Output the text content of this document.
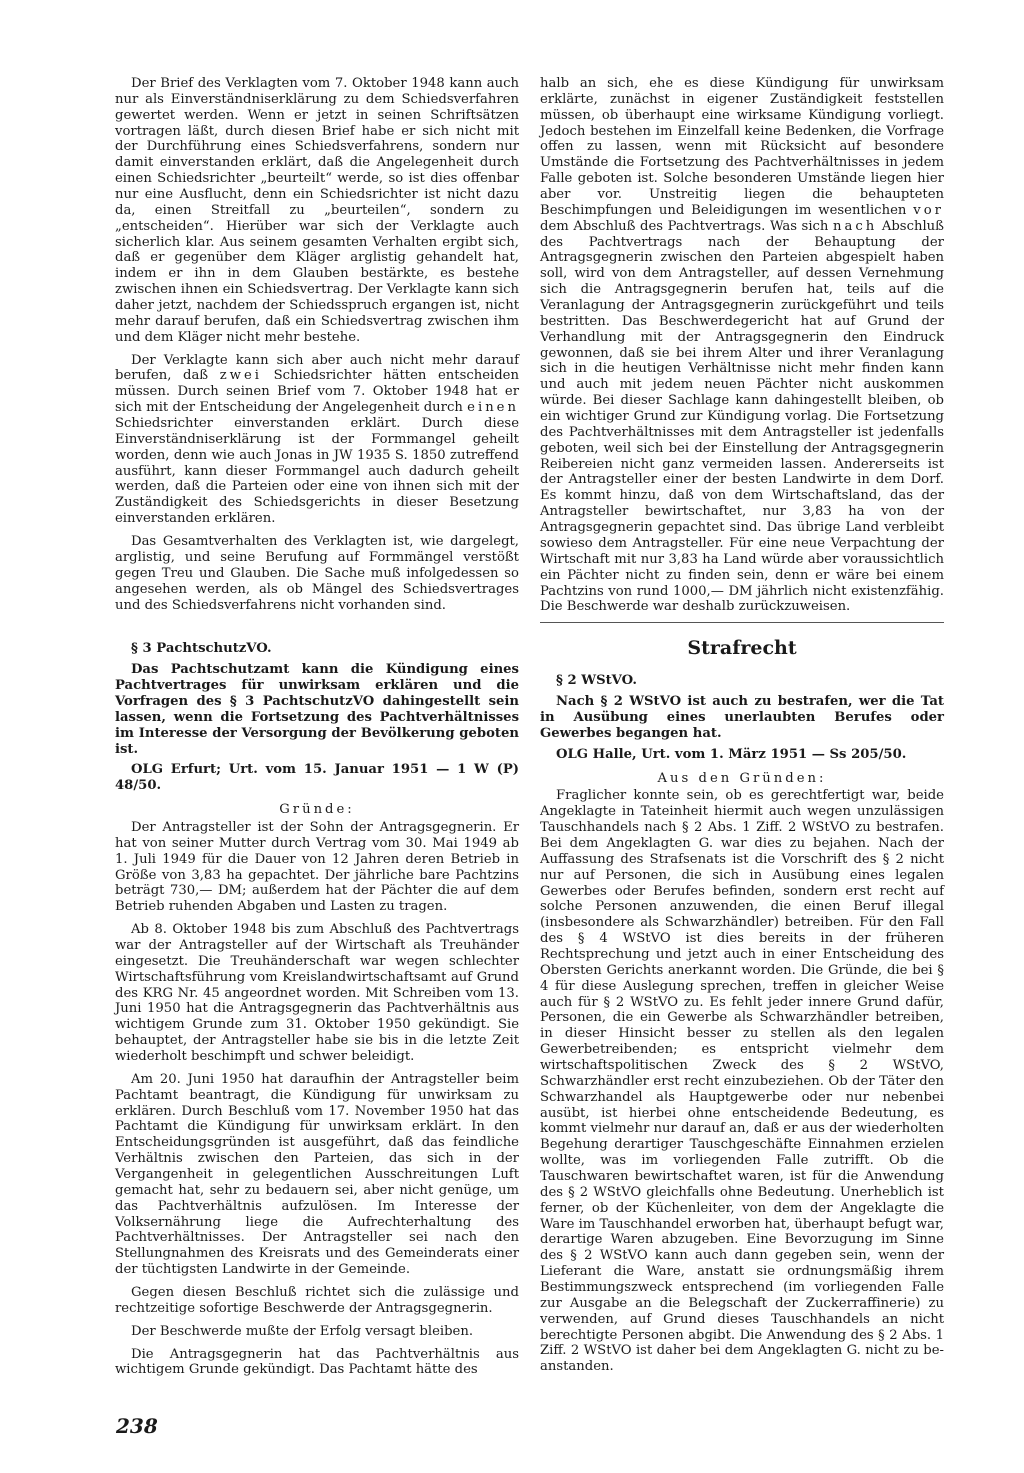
Der Brief des Verklagten vom 7. Oktober 1948 kann auch nur als Einverständniserklärung zu dem Schiedsverfahren gewertet werden. Wenn er jetzt in seinen Schriftsätzen vortragen läßt, durch diesen Brief habe er sich nicht mit der Durchführung eines Schiedsverfahrens, sondern nur damit einverstanden erklärt, daß die Angelegenheit durch einen Schiedsrichter „beurteilt“ werde, so ist dies offenbar nur eine Ausflucht, denn ein Schiedsrichter ist nicht dazu da, einen Streitfall zu „beurteilen“, sondern zu „entscheiden“. Hierüber war sich der Verklagte auch sicherlich klar. Aus seinem gesamten Verhalten ergibt sich, daß er gegenüber dem Kläger arglistig gehandelt hat, indem er ihn in dem Glauben bestärkte, es bestehe zwischen ihnen ein Schiedsvertrag. Der Verklagte kann sich daher jetzt, nachdem der Schiedsspruch ergangen ist, nicht mehr darauf berufen, daß ein Schiedsvertrag zwischen ihm und dem Kläger nicht mehr bestehe.

Der Verklagte kann sich aber auch nicht mehr darauf berufen, daß zwei Schiedsrichter hätten entscheiden müssen. Durch seinen Brief vom 7. Oktober 1948 hat er sich mit der Entscheidung der Angelegenheit durch einen Schiedsrichter einverstanden erklärt. Durch diese Einverständniserklärung ist der Formmangel geheilt worden, denn wie auch Jonas in JW 1935 S. 1850 zutreffend ausführt, kann dieser Formmangel auch dadurch geheilt werden, daß die Parteien oder eine von ihnen sich mit der Zuständigkeit des Schiedsgerichts in dieser Besetzung einverstanden erklären.

Das Gesamtverhalten des Verklagten ist, wie dargelegt, arglistig, und seine Berufung auf Formmängel verstößt gegen Treu und Glauben. Die Sache muß infolgedessen so angesehen werden, als ob Mängel des Schiedsvertrages und des Schiedsverfahrens nicht vorhanden sind.

§ 3 PachtschutzVO.
Das Pachtschutzamt kann die Kündigung eines Pachtvertrages für unwirksam erklären und die Vorfragen des § 3 PachtschutzVO dahingestellt sein lassen, wenn die Fortsetzung des Pachtverhältnisses im Interesse der Versorgung der Bevölkerung geboten ist.
OLG Erfurt; Urt. vom 15. Januar 1951 — 1 W (P) 48/50.
Gründe:

Der Antragsteller ist der Sohn der Antragsgegnerin. Er hat von seiner Mutter durch Vertrag vom 30. Mai 1949 ab 1. Juli 1949 für die Dauer von 12 Jahren deren Betrieb in Größe von 3,83 ha gepachtet. Der jährliche bare Pachtzins beträgt 730,— DM; außerdem hat der Pächter die auf dem Betrieb ruhenden Abgaben und Lasten zu tragen.

Ab 8. Oktober 1948 bis zum Abschluß des Pachtvertrags war der Antragsteller auf der Wirtschaft als Treuhänder eingesetzt. Die Treuhänderschaft war wegen schlechter Wirtschaftsführung vom Kreislandwirtschaftsamt auf Grund des KRG Nr. 45 angeordnet worden. Mit Schreiben vom 13. Juni 1950 hat die Antragsgegnerin das Pachtverhältnis aus wichtigem Grunde zum 31. Oktober 1950 gekündigt. Sie behauptet, der Antragsteller habe sie bis in die letzte Zeit wiederholt beschimpft und schwer beleidigt.

Am 20. Juni 1950 hat daraufhin der Antragsteller beim Pachtamt beantragt, die Kündigung für unwirksam zu erklären. Durch Beschluß vom 17. November 1950 hat das Pachtamt die Kündigung für unwirksam erklärt. In den Entscheidungsgründen ist ausgeführt, daß das feindliche Verhältnis zwischen den Parteien, das sich in der Vergangenheit in gelegentlichen Ausschreitungen Luft gemacht hat, sehr zu bedauern sei, aber nicht genüge, um das Pachtverhältnis aufzulösen. Im Interesse der Volksernährung liege die Aufrechterhaltung des Pachtverhältnisses. Der Antragsteller sei nach den Stellungnahmen des Kreisrats und des Gemeinderats einer der tüchtigsten Landwirte in der Gemeinde.

Gegen diesen Beschluß richtet sich die zulässige und rechtzeitige sofortige Beschwerde der Antragsgegnerin.

Der Beschwerde mußte der Erfolg versagt bleiben.

Die Antragsgegnerin hat das Pachtverhältnis aus wichtigem Grunde gekündigt. Das Pachtamt hätte des

halb an sich, ehe es diese Kündigung für unwirksam erklärte, zunächst in eigener Zuständigkeit feststellen müssen, ob überhaupt eine wirksame Kündigung vorliegt. Jedoch bestehen im Einzelfall keine Bedenken, die Vorfrage offen zu lassen, wenn mit Rücksicht auf besondere Umstände die Fortsetzung des Pachtverhältnisses in jedem Falle geboten ist. Solche besonderen Umstände liegen hier aber vor. Unstreitig liegen die behaupteten Beschimpfungen und Beleidigungen im wesentlichen vor dem Abschluß des Pachtvertrags. Was sich nach Abschluß des Pachtvertrags nach der Behauptung der Antragsgegnerin zwischen den Parteien abgespielt haben soll, wird von dem Antragsteller, auf dessen Vernehmung sich die Antragsgegnerin berufen hat, teils auf die Veranlagung der Antragsgegnerin zurückgeführt und teils bestritten. Das Beschwerdegericht hat auf Grund der Verhandlung mit der Antragsgegnerin den Eindruck gewonnen, daß sie bei ihrem Alter und ihrer Veranlagung sich in die heutigen Verhältnisse nicht mehr finden kann und auch mit jedem neuen Pächter nicht auskommen würde. Bei dieser Sachlage kann dahingestellt bleiben, ob ein wichtiger Grund zur Kündigung vorlag. Die Fortsetzung des Pachtverhältnisses mit dem Antragsteller ist jedenfalls geboten, weil sich bei der Einstellung der Antragsgegnerin Reibereien nicht ganz vermeiden lassen. Andererseits ist der Antragsteller einer der besten Landwirte in dem Dorf. Es kommt hinzu, daß von dem Wirtschaftsland, das der Antragsteller bewirtschaftet, nur 3,83 ha von der Antragsgegnerin gepachtet sind. Das übrige Land verbleibt sowieso dem Antragsteller. Für eine neue Verpachtung der Wirtschaft mit nur 3,83 ha Land würde aber voraussichtlich ein Pächter nicht zu finden sein, denn er wäre bei einem Pachtzins von rund 1000,— DM jährlich nicht existenzfähig. Die Beschwerde war deshalb zurückzuweisen.

Strafrecht
§ 2 WStVO.
Nach § 2 WStVO ist auch zu bestrafen, wer die Tat in Ausübung eines unerlaubten Berufes oder Gewerbes begangen hat.
OLG Halle, Urt. vom 1. März 1951 — Ss 205/50.
Aus den Gründen:

Fraglicher konnte sein, ob es gerechtfertigt war, beide Angeklagte in Tateinheit hiermit auch wegen unzulässigen Tauschhandels nach § 2 Abs. 1 Ziff. 2 WStVO zu bestrafen. Bei dem Angeklagten G. war dies zu bejahen. Nach der Auffassung des Strafsenats ist die Vorschrift des § 2 nicht nur auf Personen, die sich in Ausübung eines legalen Gewerbes oder Berufes befinden, sondern erst recht auf solche Personen anzuwenden, die einen Beruf illegal (insbesondere als Schwarzhändler) betreiben. Für den Fall des § 4 WStVO ist dies bereits in der früheren Rechtsprechung und jetzt auch in einer Entscheidung des Obersten Gerichts anerkannt worden. Die Gründe, die bei § 4 für diese Auslegung sprechen, treffen in gleicher Weise auch für § 2 WStVO zu. Es fehlt jeder innere Grund dafür, Personen, die ein Gewerbe als Schwarzhändler betreiben, in dieser Hinsicht besser zu stellen als den legalen Gewerbetreibenden; es entspricht vielmehr dem wirtschaftspolitischen Zweck des § 2 WStVO, Schwarzhändler erst recht einzubeziehen. Ob der Täter den Schwarzhandel als Hauptgewerbe oder nur nebenbei ausübt, ist hierbei ohne entscheidende Bedeutung, es kommt vielmehr nur darauf an, daß er aus der wiederholten Begehung derartiger Tauschgeschäfte Einnahmen erzielen wollte, was im vorliegenden Falle zutrifft. Ob die Tauschwaren bewirtschaftet waren, ist für die Anwendung des § 2 WStVO gleichfalls ohne Bedeutung. Unerheblich ist ferner, ob der Küchenleiter, von dem der Angeklagte die Ware im Tauschhandel erworben hat, überhaupt befugt war, derartige Waren abzugeben. Eine Bevorzugung im Sinne des § 2 WStVO kann auch dann gegeben sein, wenn der Lieferant die Ware, anstatt sie ordnungsmäßig ihrem Bestimmungszweck entsprechend (im vorliegenden Falle zur Ausgabe an die Belegschaft der Zuckerraffinerie) zu verwenden, auf Grund dieses Tauschhandels an nicht berechtigte Personen abgibt. Die Anwendung des § 2 Abs. 1 Ziff. 2 WStVO ist daher bei dem Angeklagten G. nicht zu beanstanden.

238
